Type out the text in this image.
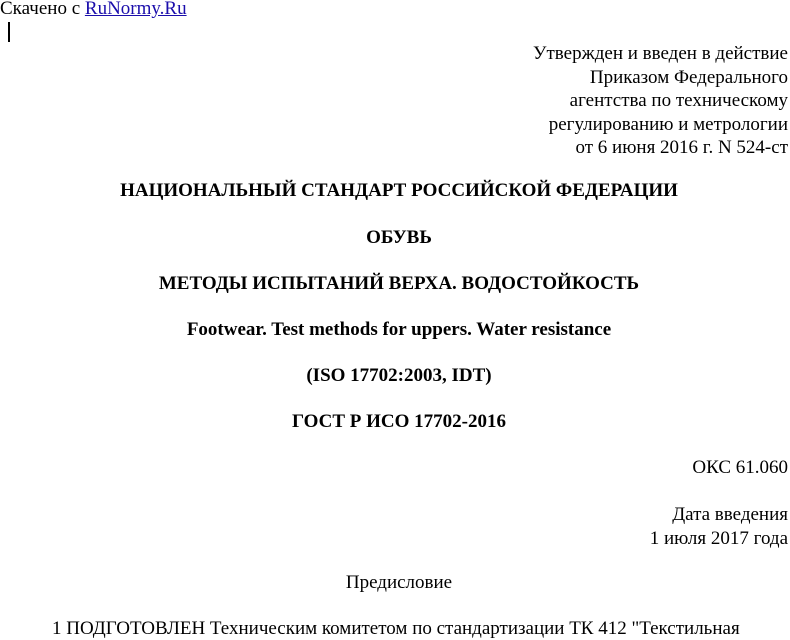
Скачено с RuNormy.Ru
Утвержден и введен в действие
Приказом Федерального
агентства по техническому
регулированию и метрологии
от 6 июня 2016 г. N 524-ст
НАЦИОНАЛЬНЫЙ СТАНДАРТ РОССИЙСКОЙ ФЕДЕРАЦИИ
ОБУВЬ
МЕТОДЫ ИСПЫТАНИЙ ВЕРХА. ВОДОСТОЙКОСТЬ
Footwear. Test methods for uppers. Water resistance
(ISO 17702:2003, IDT)
ГОСТ Р ИСО 17702-2016
ОКС 61.060
Дата введения
1 июля 2017 года
Предисловие
1 ПОДГОТОВЛЕН Техническим комитетом по стандартизации ТК 412 "Текстильная
